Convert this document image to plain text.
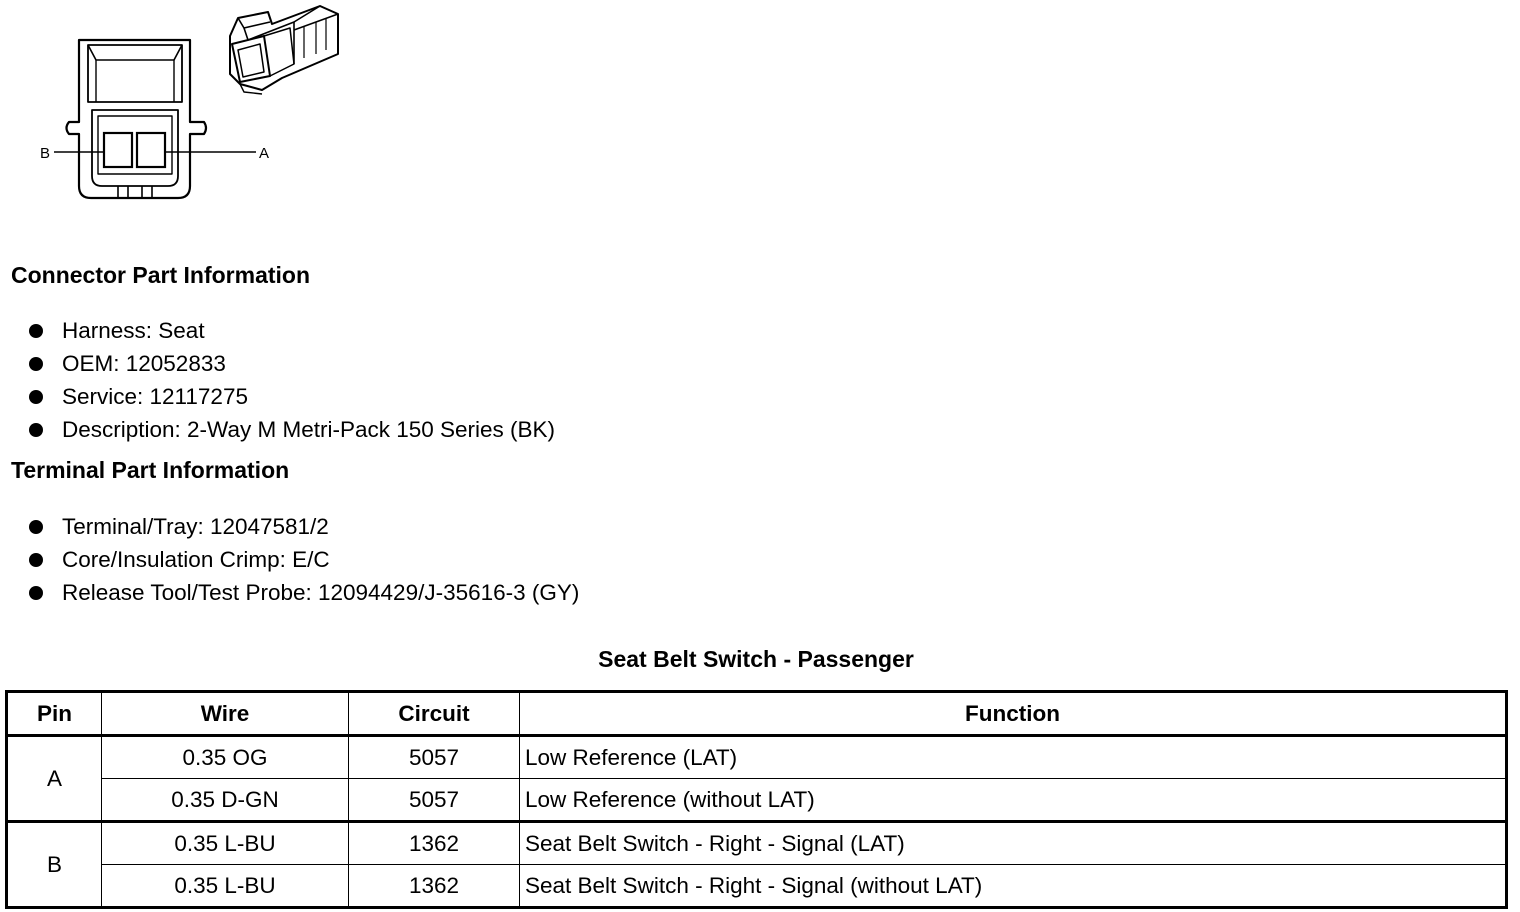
B	A
Connector Part Information
Harness: Seat
OEM: 12052833
Service: 12117275
Description: 2-Way M Metri-Pack 150 Series (BK)
Terminal Part Information
Terminal/Tray: 12047581/2
Core/Insulation Crimp: E/C
Release Tool/Test Probe: 12094429/J-35616-3 (GY)
Seat Belt Switch - Passenger
Pin	Wire	Circuit	Function
A	0.35 OG	5057	Low Reference (LAT)
	0.35 D-GN	5057	Low Reference (without LAT)
B	0.35 L-BU	1362	Seat Belt Switch - Right - Signal (LAT)
	0.35 L-BU	1362	Seat Belt Switch - Right - Signal (without LAT)
